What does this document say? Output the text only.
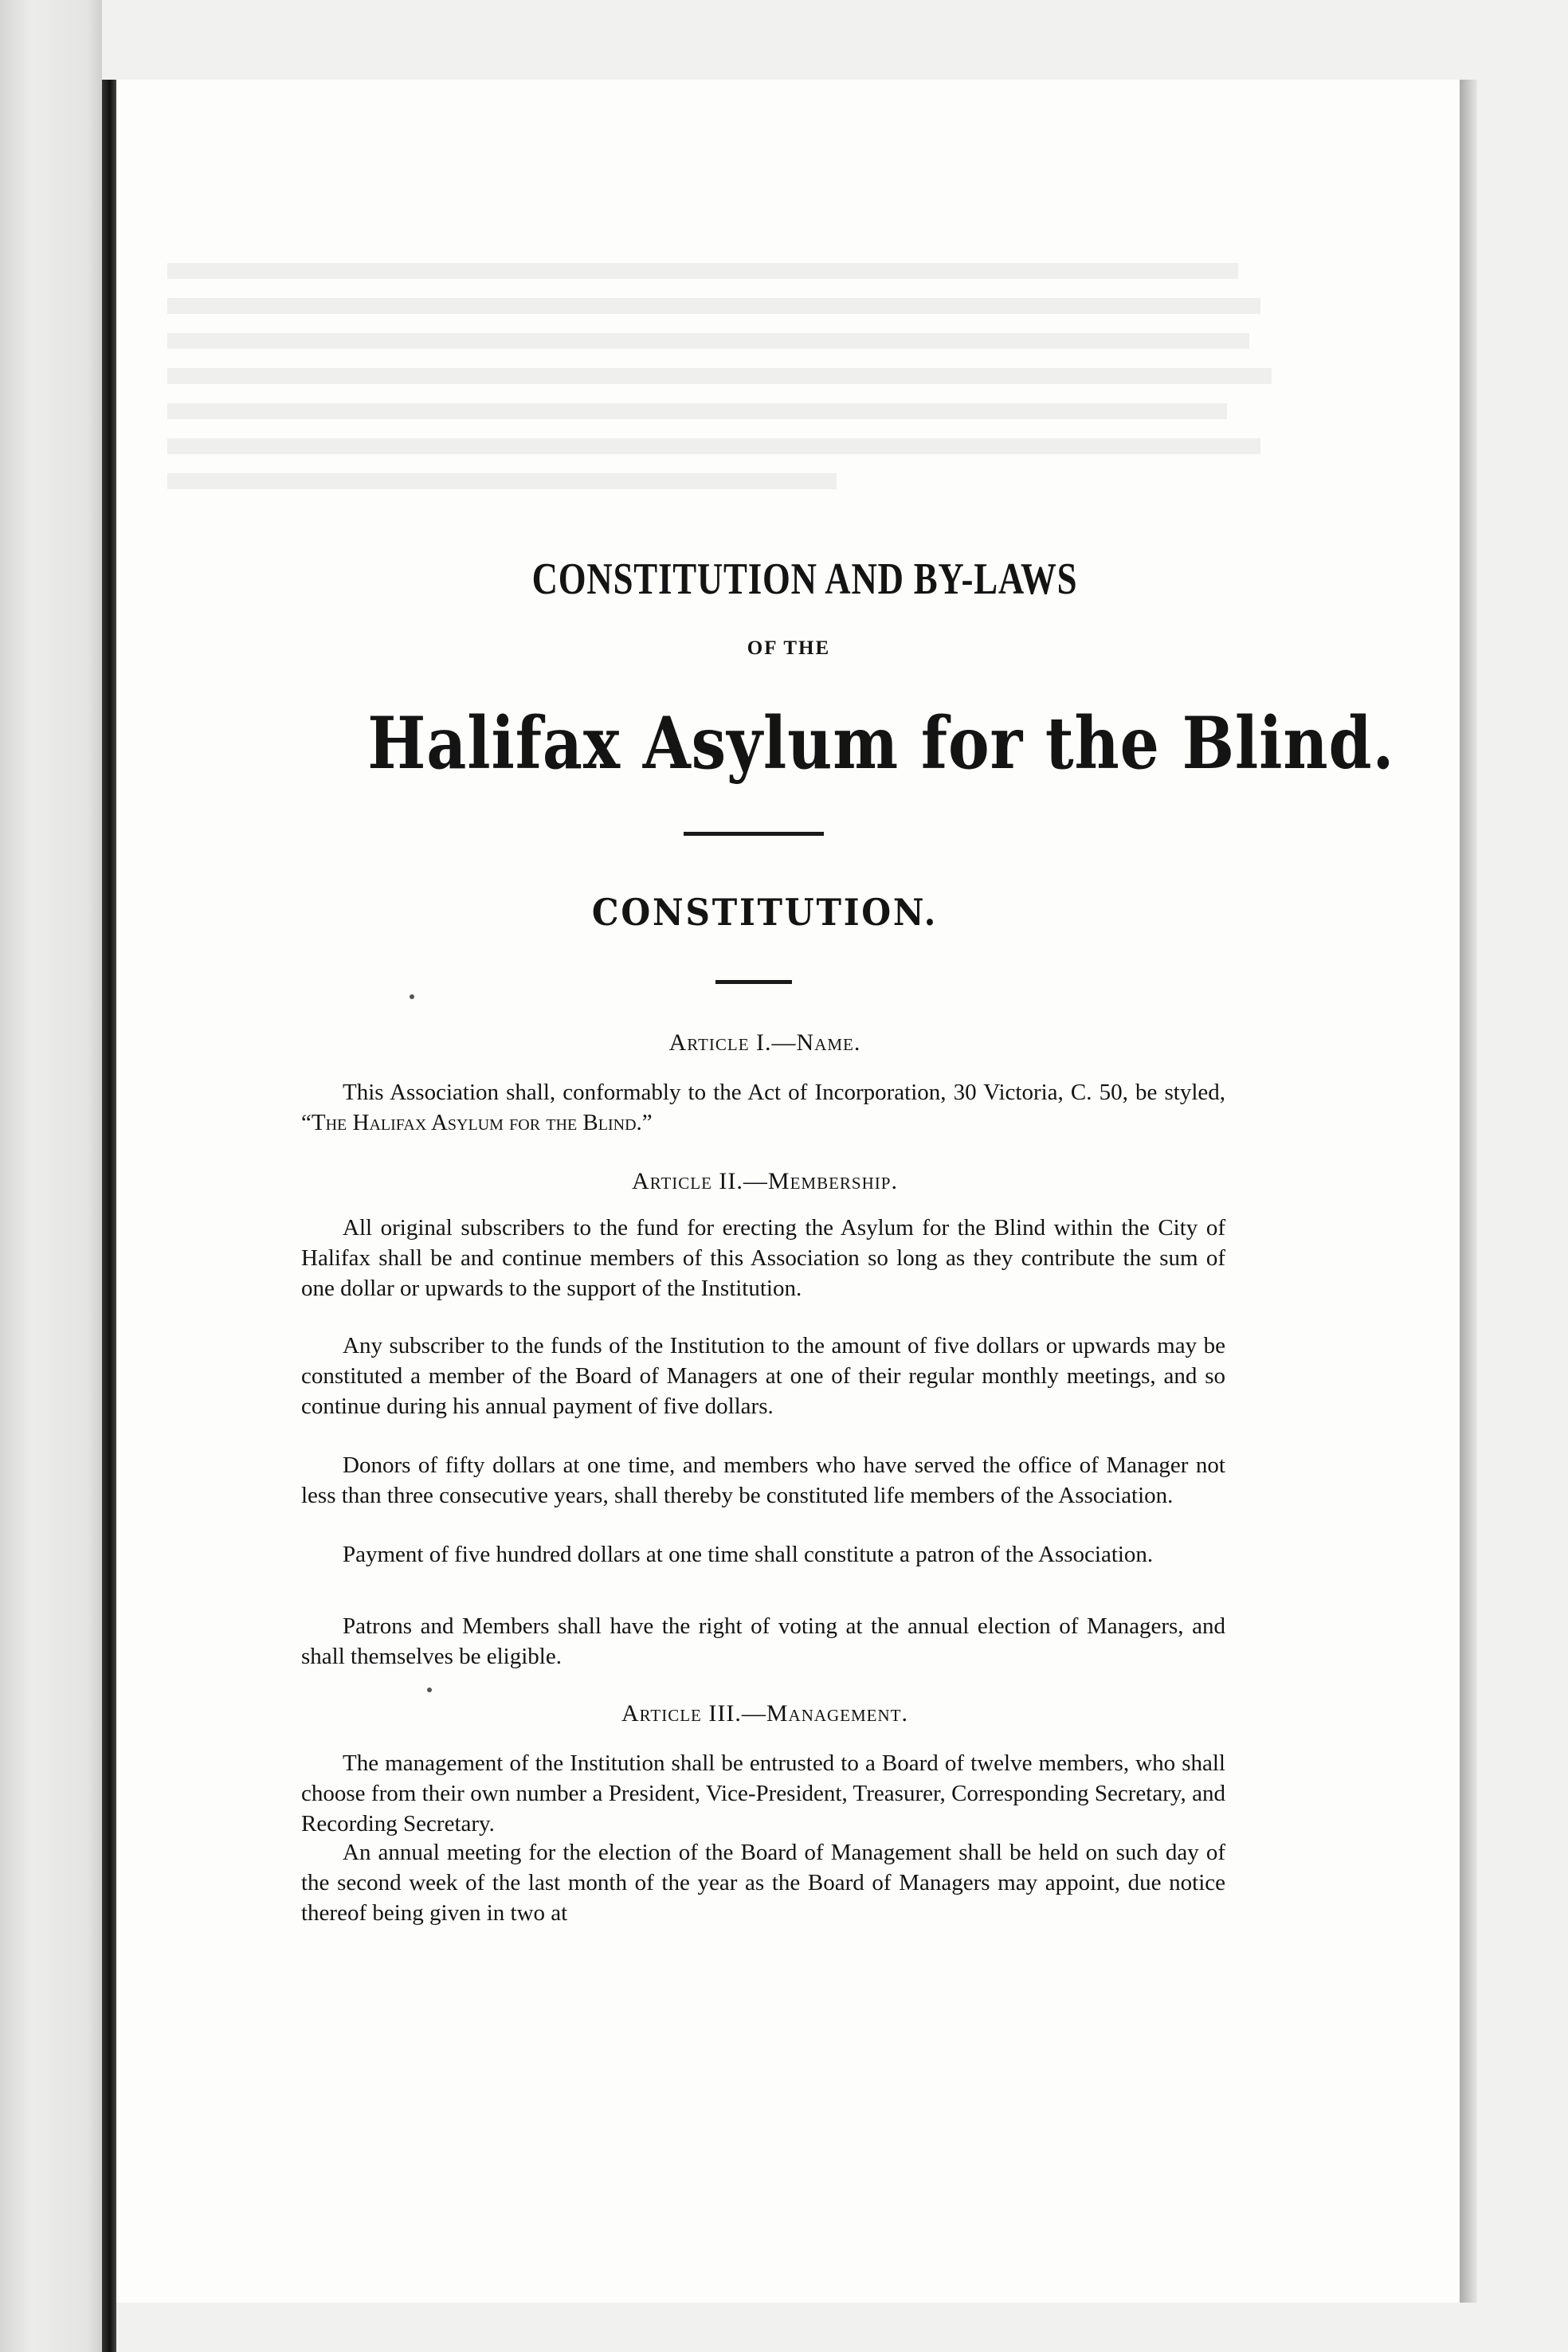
CONSTITUTION AND BY-LAWS
OF THE
Halifax Asylum for the Blind.
CONSTITUTION.
Article I.—Name.
This Association shall, conformably to the Act of Incorporation, 30 Victoria, C. 50, be styled, “The Halifax Asylum for the Blind.”
Article II.—Membership.
All original subscribers to the fund for erecting the Asylum for the Blind within the City of Halifax shall be and continue members of this Association so long as they contribute the sum of one dollar or upwards to the support of the Institution.
Any subscriber to the funds of the Institution to the amount of five dollars or upwards may be constituted a member of the Board of Managers at one of their regular monthly meetings, and so continue during his annual payment of five dollars.
Donors of fifty dollars at one time, and members who have served the office of Manager not less than three consecutive years, shall thereby be constituted life members of the Association.
Payment of five hundred dollars at one time shall constitute a patron of the Association.
Patrons and Members shall have the right of voting at the annual election of Managers, and shall themselves be eligible.
Article III.—Management.
The management of the Institution shall be entrusted to a Board of twelve members, who shall choose from their own number a President, Vice-President, Treasurer, Corresponding Secretary, and Recording Secretary.
An annual meeting for the election of the Board of Management shall be held on such day of the second week of the last month of the year as the Board of Managers may appoint, due notice thereof being given in two at
